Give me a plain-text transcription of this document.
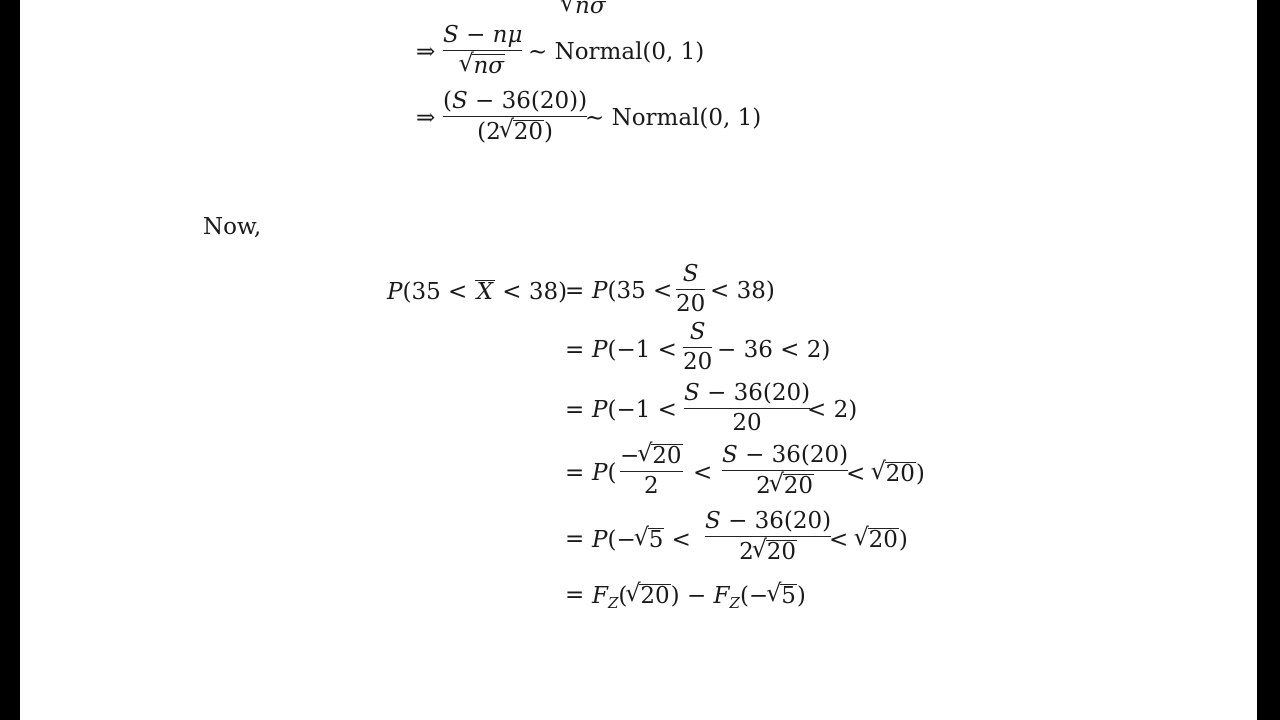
√ nσ
⇒
S − nμ
√ nσ
∼ Normal(0, 1)
⇒
(S − 36(20))
(2√ 20)
∼ Normal(0, 1)
Now,
P(35 < X < 38)
= P(35 <
S
20 < 38)
= P(−1 <
S
20 − 36 < 2)
= P(−1 <
S − 36(20)
20 < 2)
= P(
−√ 20
2 <
S − 36(20)
2√ 20 < √ 20)
= P(−√ 5 <
S − 36(20)
2√ 20 < √ 20)
= $F_Z(√$ $20) - F_Z(-√$ 5)
